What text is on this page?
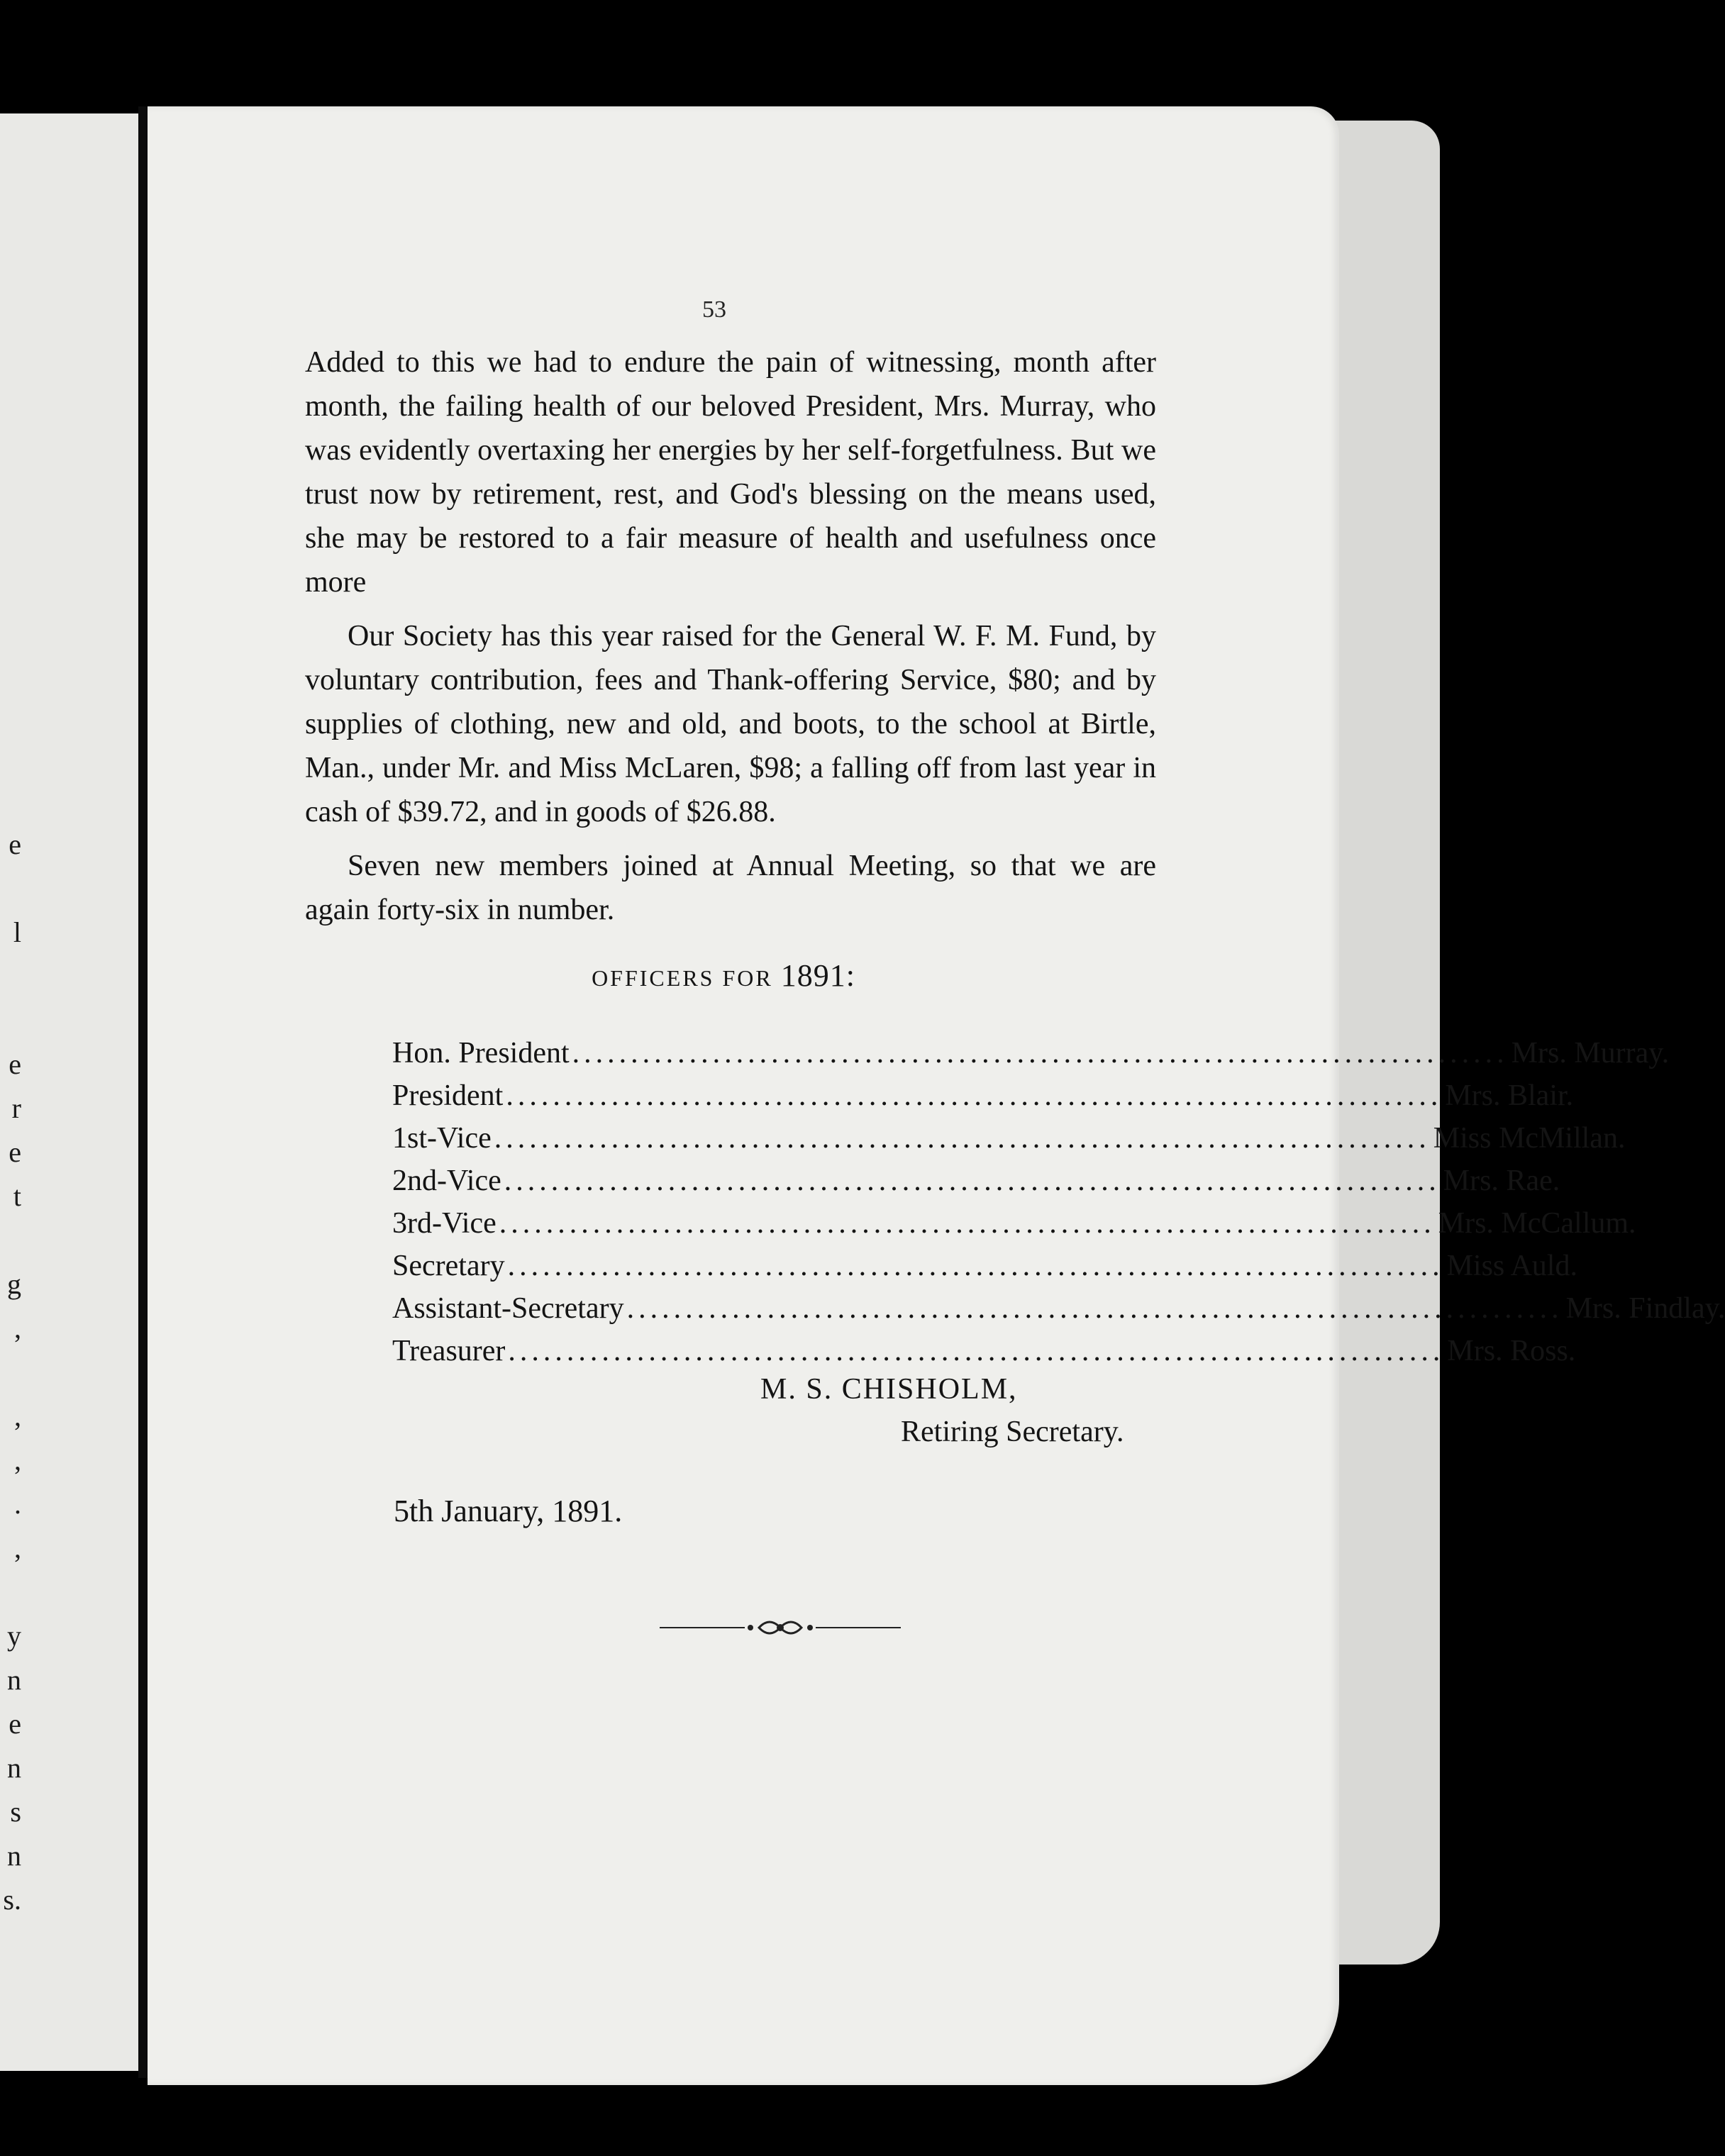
e
l
e
r
e
t
g
,
,
,
.
,
y
n
e
n
s
n
s.
53

Added to this we had to endure the pain of witnessing, month after month, the failing health of our beloved President, Mrs. Murray, who was evidently overtaxing her energies by her self-forgetfulness. But we trust now by retirement, rest, and God's blessing on the means used, she may be restored to a fair measure of health and usefulness once more

Our Society has this year raised for the General W. F. M. Fund, by voluntary contribution, fees and Thank-offering Service, $80; and by supplies of clothing, new and old, and boots, to the school at Birtle, Man., under Mr. and Miss McLaren, $98; a falling off from last year in cash of $39.72, and in goods of $26.88.

Seven new members joined at Annual Meeting, so that we are again forty-six in number.

OFFICERS FOR 1891:
Hon. President ................................................................................ Mrs. Murray.
President ................................................................................ Mrs. Blair.
1st-Vice ................................................................................ Miss McMillan.
2nd-Vice ................................................................................ Mrs. Rae.
3rd-Vice ................................................................................ Mrs. McCallum.
Secretary ................................................................................ Miss Auld.
Assistant-Secretary ................................................................................ Mrs. Findlay.
Treasurer ................................................................................ Mrs. Ross.
M. S. CHISHOLM,
Retiring Secretary.
5th January, 1891.
